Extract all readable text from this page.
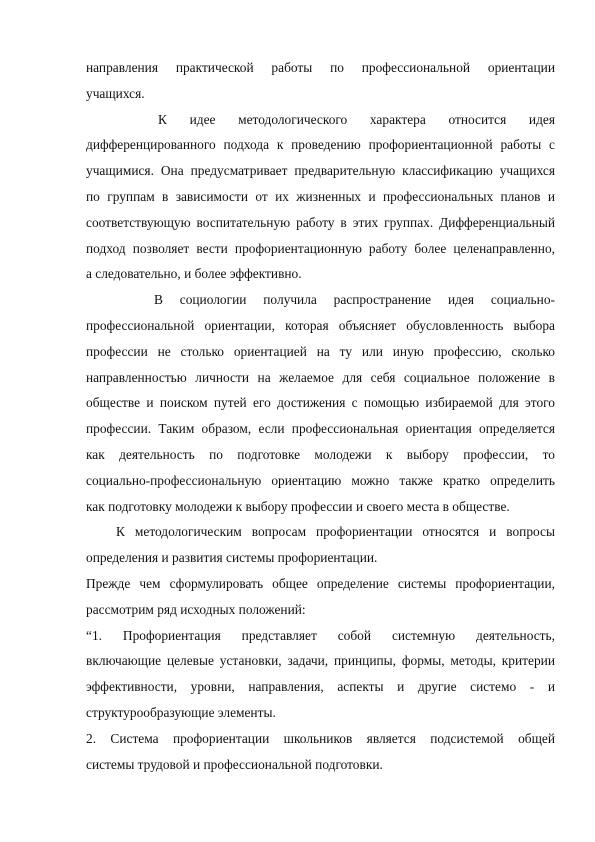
направления практической работы по профессиональной ориентации
учащихся.
К идее методологического характера относится идея
дифференцированного подхода к проведению профориентационной работы с
учащимися. Она предусматривает предварительную классификацию учащихся
по группам в зависимости от их жизненных и профессиональных планов и
соответствующую воспитательную работу в этих группах. Дифференциальный
подход позволяет вести профориентационную работу более целенаправленно,
а следовательно, и более эффективно.
В социологии получила распространение идея социально-
профессиональной ориентации, которая объясняет обусловленность выбора
профессии не столько ориентацией на ту или иную профессию, сколько
направленностью личности на желаемое для себя социальное положение в
обществе и поиском путей его достижения с помощью избираемой для этого
профессии. Таким образом, если профессиональная ориентация определяется
как деятельность по подготовке молодежи к выбору профессии, то
социально-профессиональную ориентацию можно также кратко определить
как подготовку молодежи к выбору профессии и своего места в обществе.
К методологическим вопросам профориентации относятся и вопросы
определения и развития системы профориентации.
Прежде чем сформулировать общее определение системы профориентации,
рассмотрим ряд исходных положений:
“1. Профориентация представляет собой системную деятельность,
включающие целевые установки, задачи, принципы, формы, методы, критерии
эффективности, уровни, направления, аспекты и другие системо - и
структурообразующие элементы.
2. Система профориентации школьников является подсистемой общей
системы трудовой и профессиональной подготовки.
